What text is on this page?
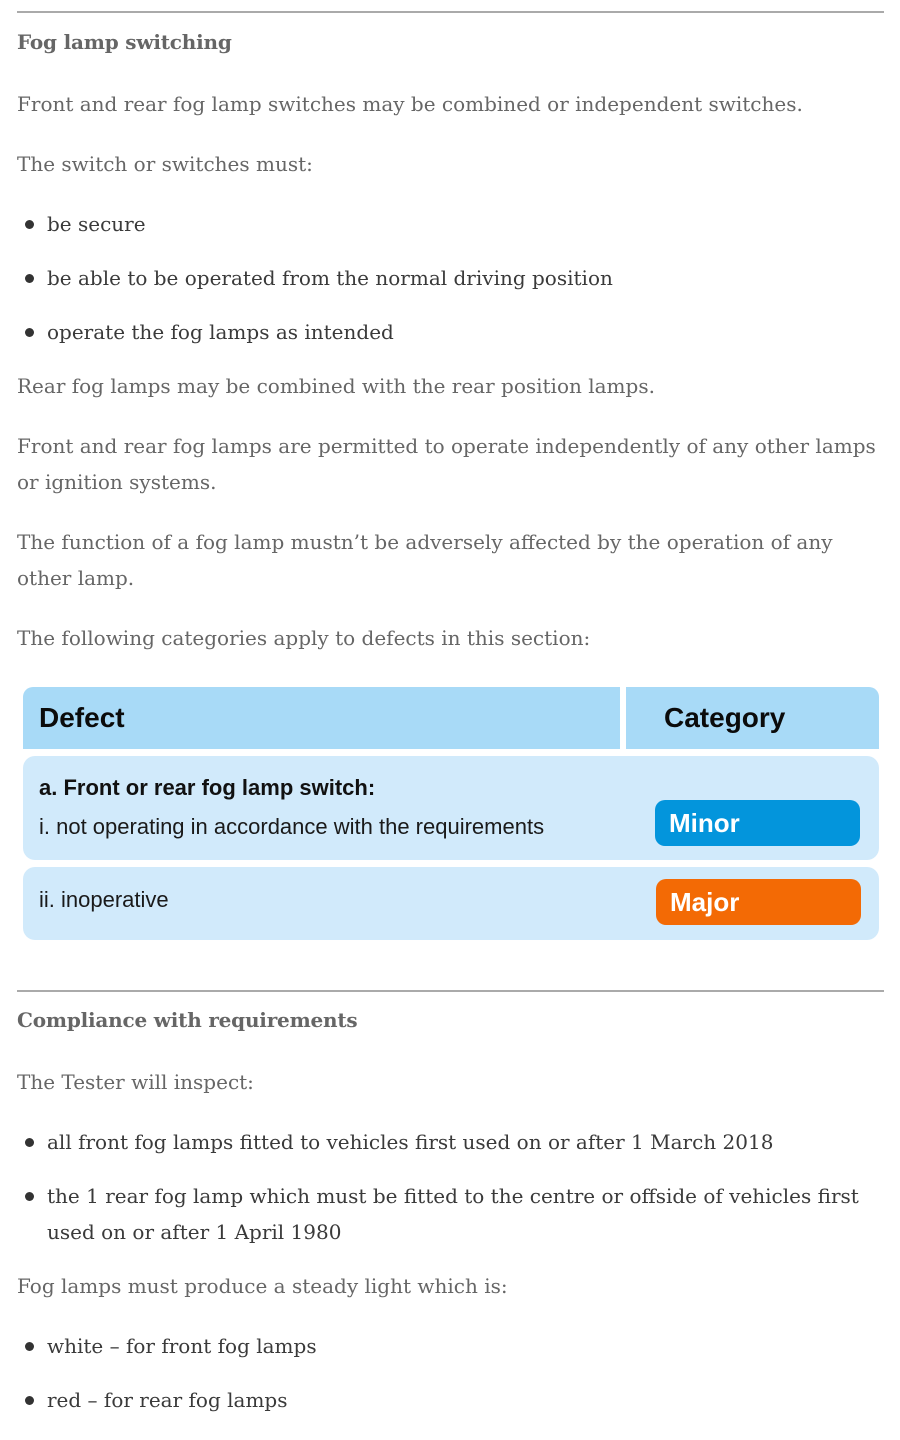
Fog lamp switching

Front and rear fog lamp switches may be combined or independent switches.

The switch or switches must:

be secure
be able to be operated from the normal driving position
operate the fog lamps as intended

Rear fog lamps may be combined with the rear position lamps.

Front and rear fog lamps are permitted to operate independently of any other lamps or ignition systems.

The function of a fog lamp mustn’t be adversely affected by the operation of any other lamp.

The following categories apply to defects in this section:

Defect	Category
a. Front or rear fog lamp switch:
i. not operating in accordance with the requirements	Minor
ii. inoperative	Major
Compliance with requirements

The Tester will inspect:

all front fog lamps fitted to vehicles first used on or after 1 March 2018
the 1 rear fog lamp which must be fitted to the centre or offside of vehicles first used on or after 1 April 1980

Fog lamps must produce a steady light which is:

white – for front fog lamps
red – for rear fog lamps
